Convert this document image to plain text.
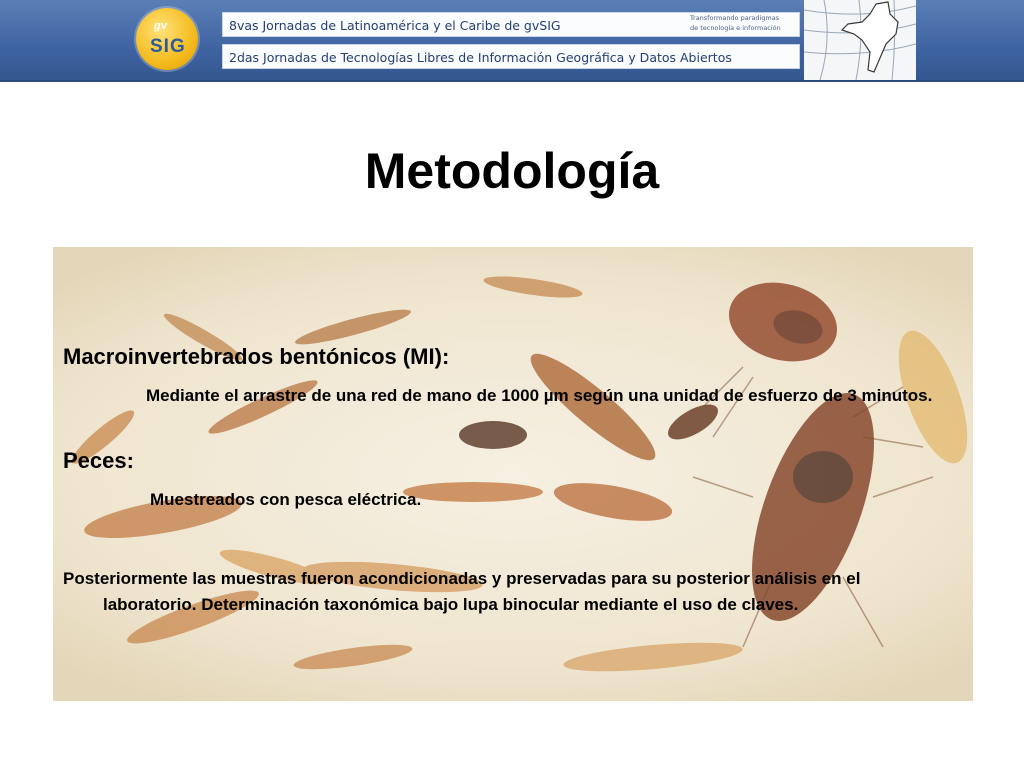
gv
SIG
8vas Jornadas de Latinoamérica y el Caribe de gvSIG	Transformando paradigmas
de tecnología e información
2das Jornadas de Tecnologías Libres de Información Geográfica y Datos Abiertos
Metodología
Macroinvertebrados bentónicos (MI):
Mediante el arrastre de una red de mano de 1000 µm según una unidad de esfuerzo de 3 minutos.
Peces:
Muestreados con pesca eléctrica.
Posteriormente las muestras fueron acondicionadas y preservadas para su posterior análisis en el laboratorio. Determinación taxonómica bajo lupa binocular mediante el uso de claves.
